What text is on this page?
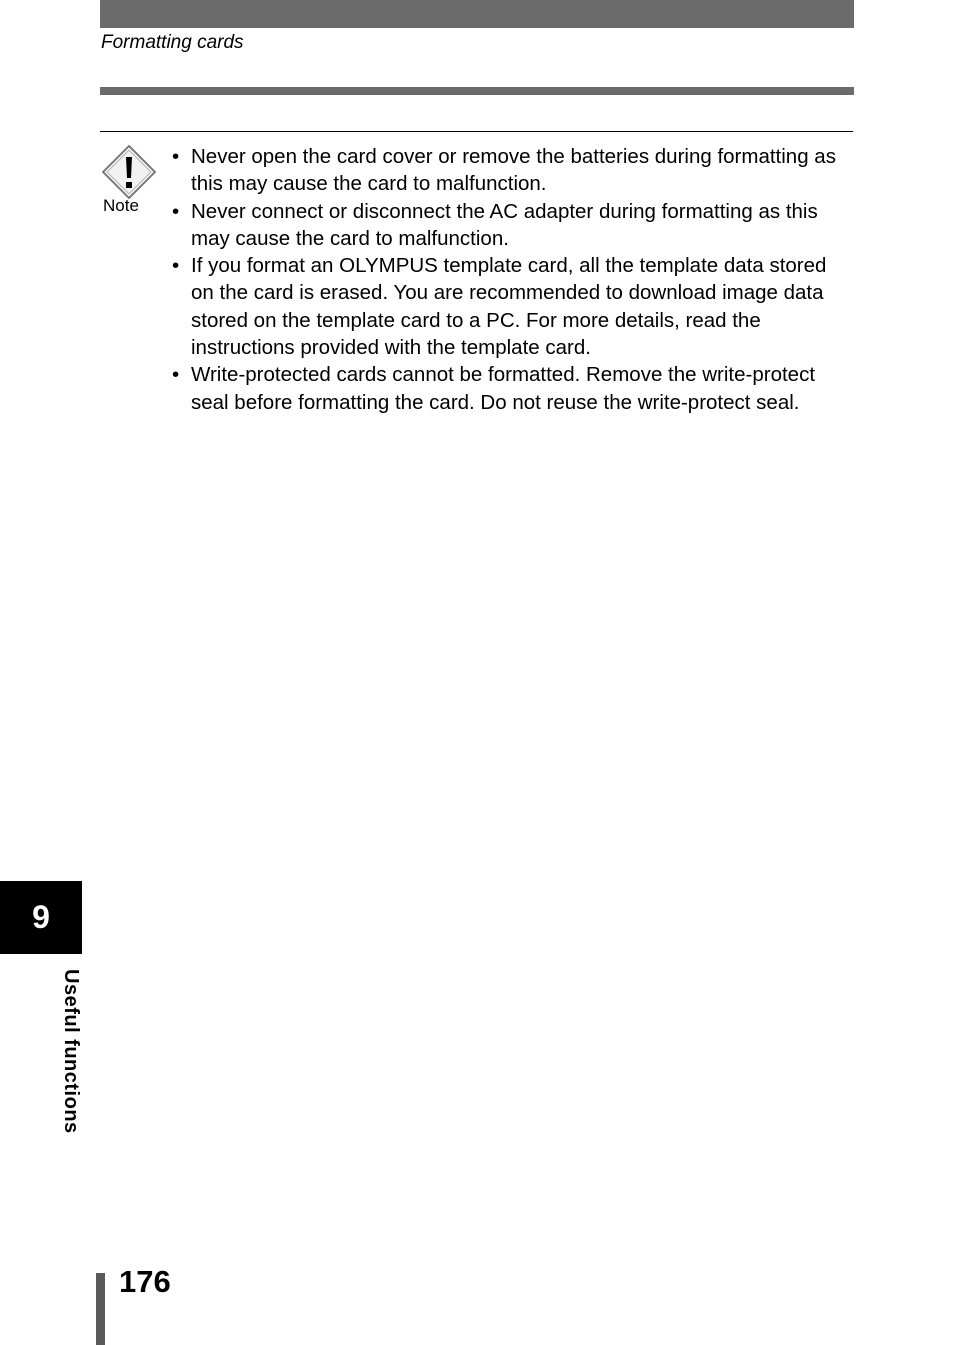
Formatting cards
Note
• Never open the card cover or remove the batteries during formatting as this may cause the card to malfunction.
• Never connect or disconnect the AC adapter during formatting as this may cause the card to malfunction.
• If you format an OLYMPUS template card, all the template data stored on the card is erased. You are recommended to download image data stored on the template card to a PC. For more details, read the instructions provided with the template card.
• Write-protected cards cannot be formatted. Remove the write-protect seal before formatting the card. Do not reuse the write-protect seal.
9
Useful functions
176
